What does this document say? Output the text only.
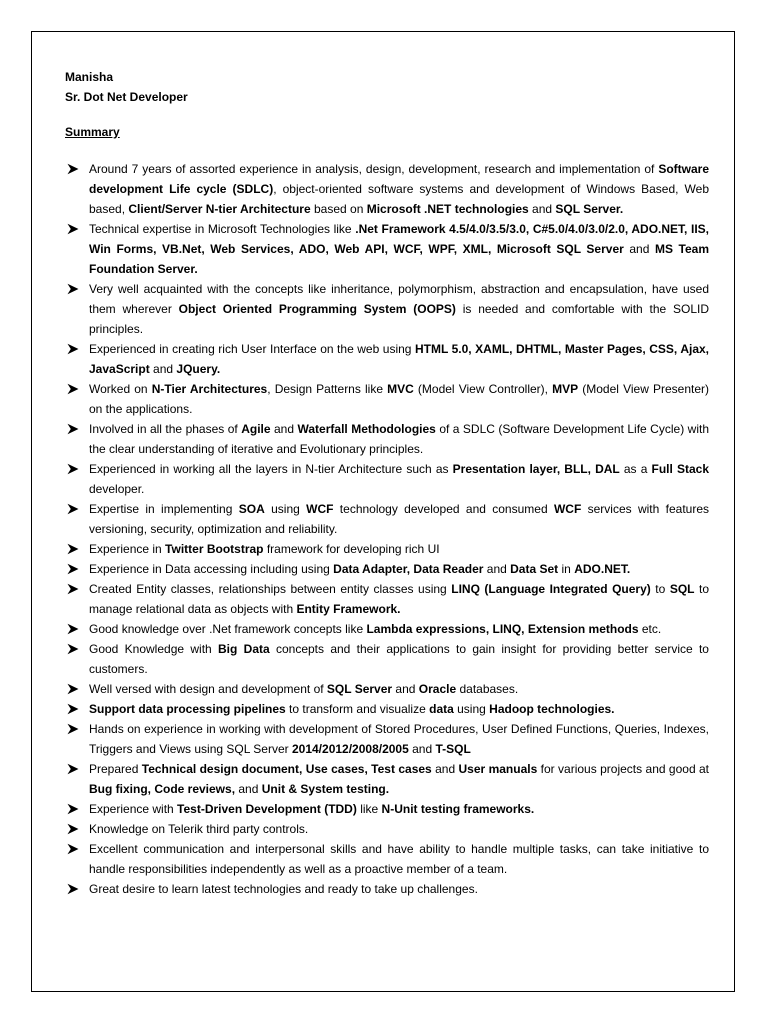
Manisha
Sr. Dot Net Developer
Summary
Around 7 years of assorted experience in analysis, design, development, research and implementation of Software development Life cycle (SDLC), object-oriented software systems and development of Windows Based, Web based, Client/Server N-tier Architecture based on Microsoft .NET technologies and SQL Server.
Technical expertise in Microsoft Technologies like .Net Framework 4.5/4.0/3.5/3.0, C#5.0/4.0/3.0/2.0, ADO.NET, IIS, Win Forms, VB.Net, Web Services, ADO, Web API, WCF, WPF, XML, Microsoft SQL Server and MS Team Foundation Server.
Very well acquainted with the concepts like inheritance, polymorphism, abstraction and encapsulation, have used them wherever Object Oriented Programming System (OOPS) is needed and comfortable with the SOLID principles.
Experienced in creating rich User Interface on the web using HTML 5.0, XAML, DHTML, Master Pages, CSS, Ajax, JavaScript and JQuery.
Worked on N-Tier Architectures, Design Patterns like MVC (Model View Controller), MVP (Model View Presenter) on the applications.
Involved in all the phases of Agile and Waterfall Methodologies of a SDLC (Software Development Life Cycle) with the clear understanding of iterative and Evolutionary principles.
Experienced in working all the layers in N-tier Architecture such as Presentation layer, BLL, DAL as a Full Stack developer.
Expertise in implementing SOA using WCF technology developed and consumed WCF services with features versioning, security, optimization and reliability.
Experience in Twitter Bootstrap framework for developing rich UI
Experience in Data accessing including using Data Adapter, Data Reader and Data Set in ADO.NET.
Created Entity classes, relationships between entity classes using LINQ (Language Integrated Query) to SQL to manage relational data as objects with Entity Framework.
Good knowledge over .Net framework concepts like Lambda expressions, LINQ, Extension methods etc.
Good Knowledge with Big Data concepts and their applications to gain insight for providing better service to customers.
Well versed with design and development of SQL Server and Oracle databases.
Support data processing pipelines to transform and visualize data using Hadoop technologies.
Hands on experience in working with development of Stored Procedures, User Defined Functions, Queries, Indexes, Triggers and Views using SQL Server 2014/2012/2008/2005 and T-SQL
Prepared Technical design document, Use cases, Test cases and User manuals for various projects and good at Bug fixing, Code reviews, and Unit & System testing.
Experience with Test-Driven Development (TDD) like N-Unit testing frameworks.
Knowledge on Telerik third party controls.
Excellent communication and interpersonal skills and have ability to handle multiple tasks, can take initiative to handle responsibilities independently as well as a proactive member of a team.
Great desire to learn latest technologies and ready to take up challenges.
